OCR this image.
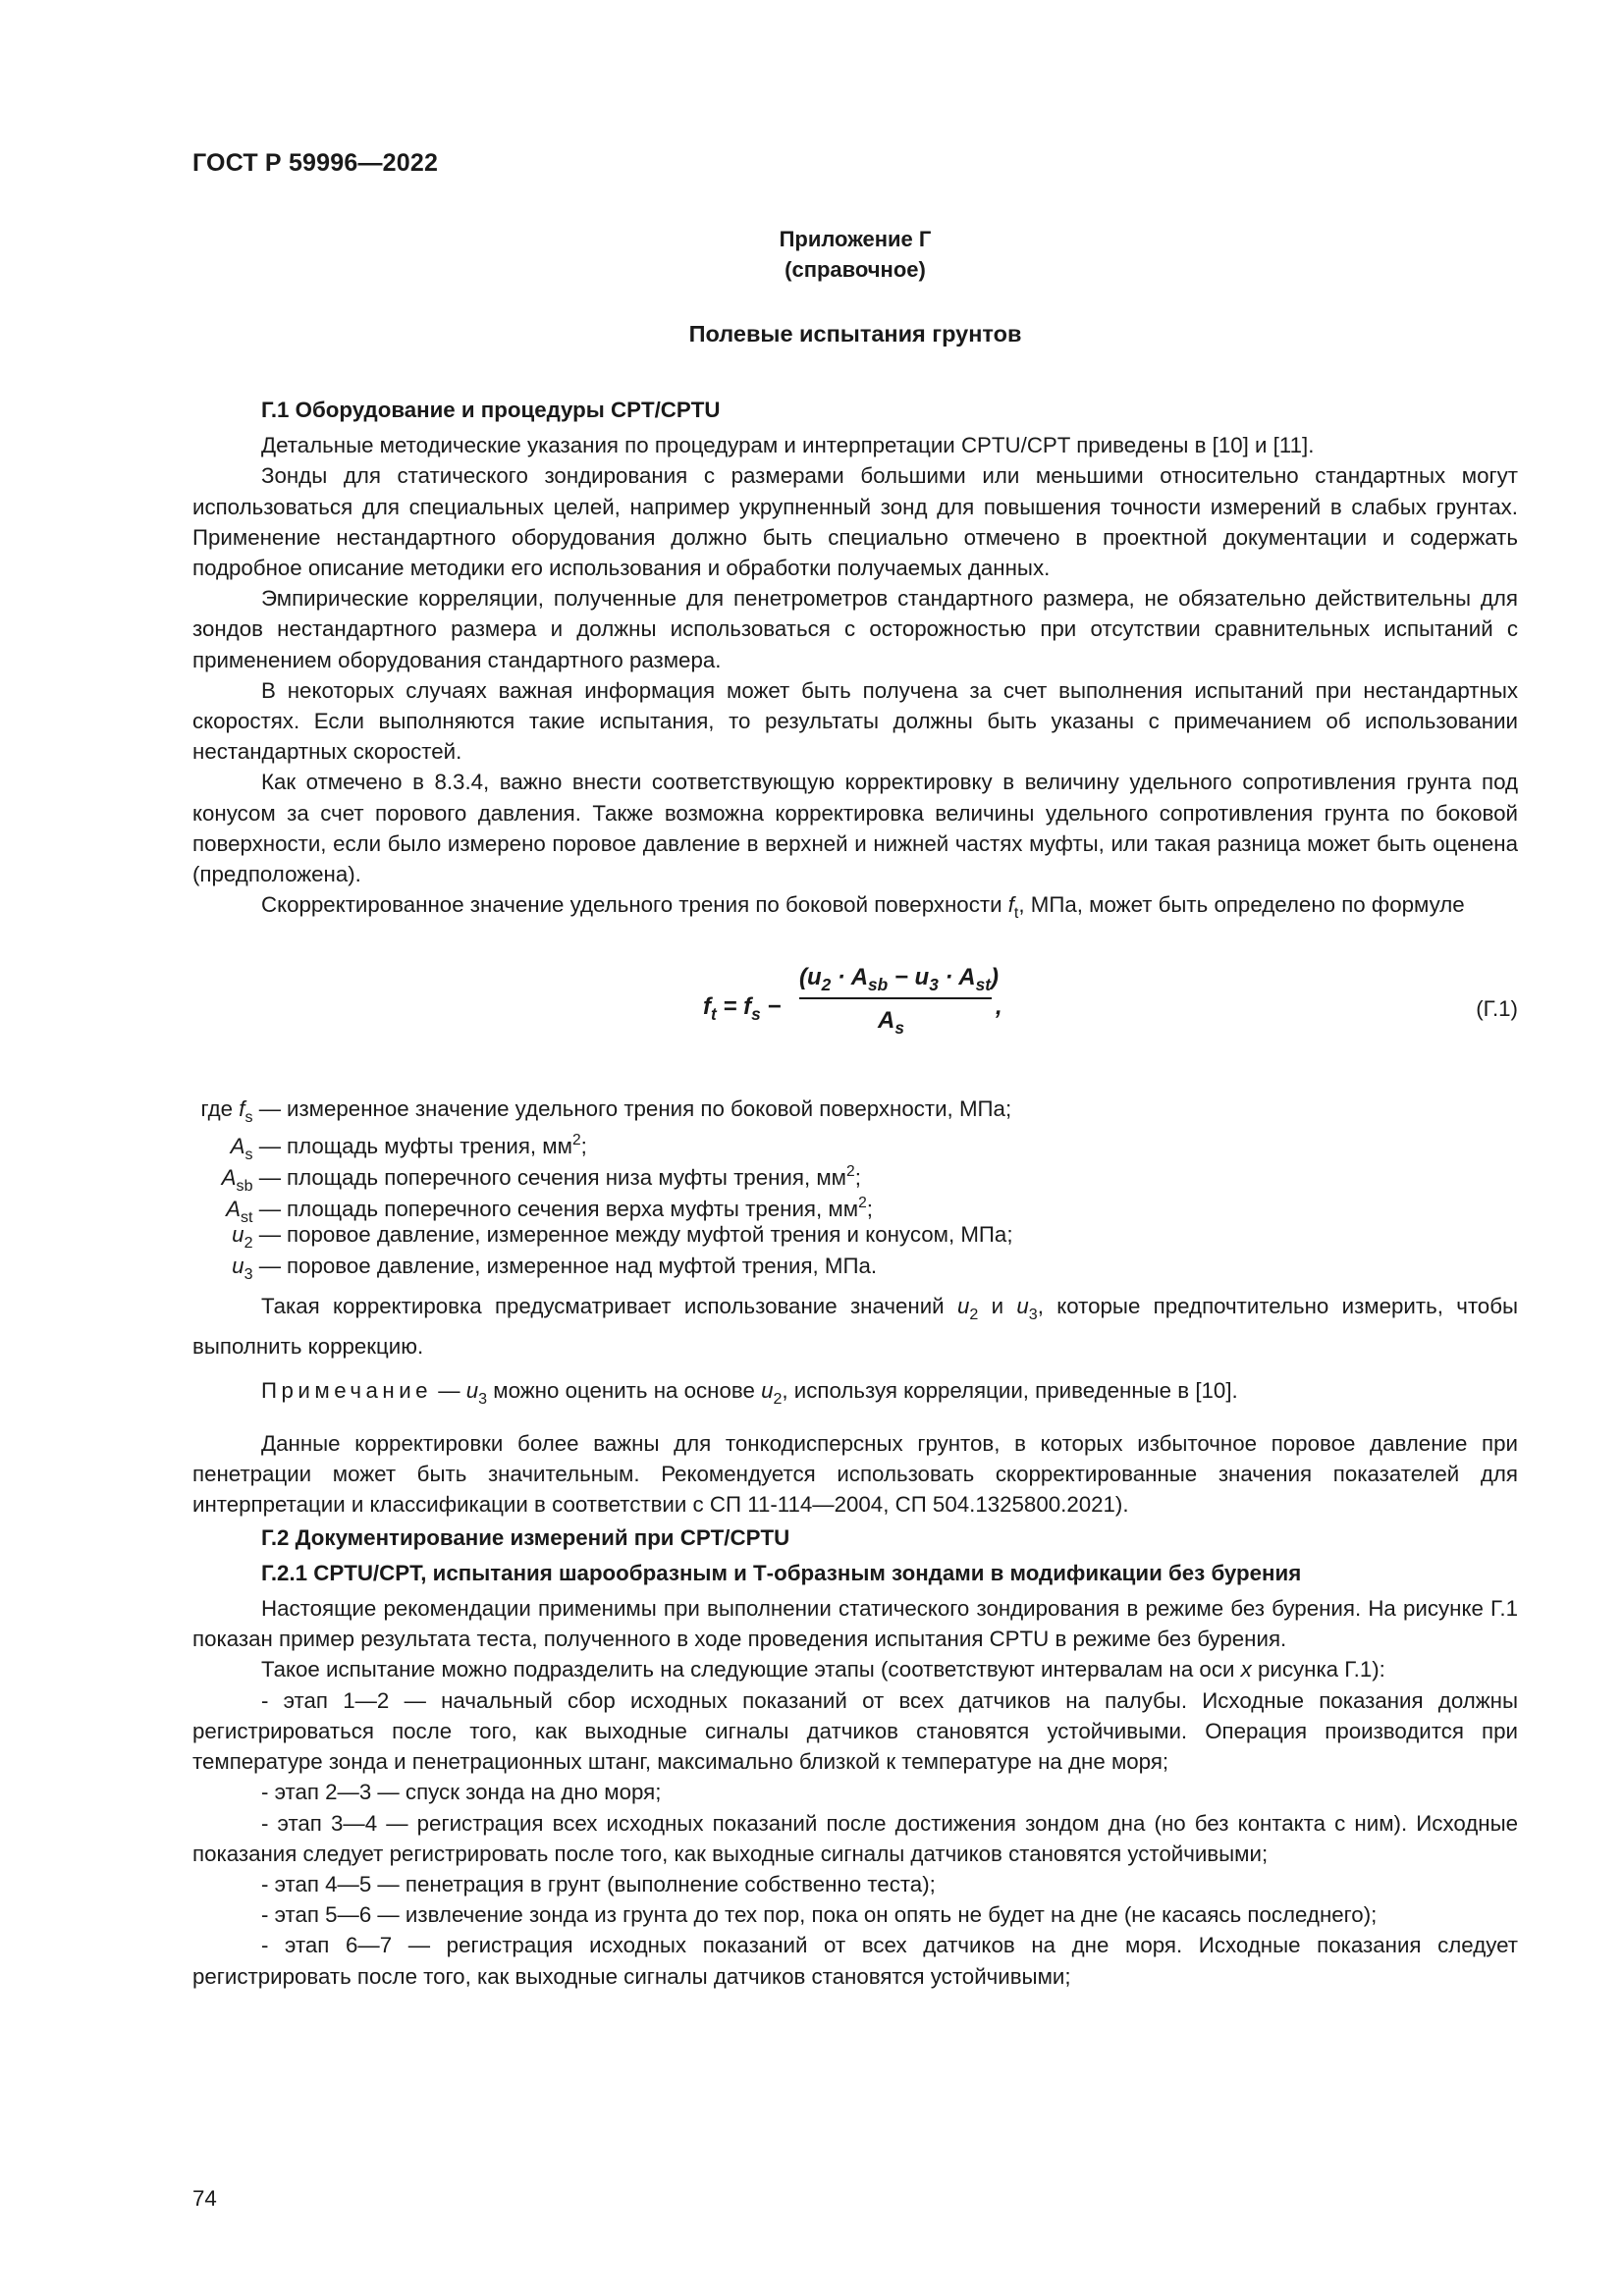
ГОСТ Р 59996—2022
Приложение Г
(справочное)
Полевые испытания грунтов

Г.1 Оборудование и процедуры CPT/CPTU

Детальные методические указания по процедурам и интерпретации CPTU/CPT приведены в [10] и [11].

Зонды для статического зондирования с размерами большими или меньшими относительно стандартных могут использоваться для специальных целей, например укрупненный зонд для повышения точности измерений в слабых грунтах. Применение нестандартного оборудования должно быть специально отмечено в проектной документации и содержать подробное описание методики его использования и обработки получаемых данных.

Эмпирические корреляции, полученные для пенетрометров стандартного размера, не обязательно действительны для зондов нестандартного размера и должны использоваться с осторожностью при отсутствии сравнительных испытаний с применением оборудования стандартного размера.

В некоторых случаях важная информация может быть получена за счет выполнения испытаний при нестандартных скоростях. Если выполняются такие испытания, то результаты должны быть указаны с примечанием об использовании нестандартных скоростей.

Как отмечено в 8.3.4, важно внести соответствующую корректировку в величину удельного сопротивления грунта под конусом за счет порового давления. Также возможна корректировка величины удельного сопротивления грунта по боковой поверхности, если было измерено поровое давление в верхней и нижней частях муфты, или такая разница может быть оценена (предположена).

Скорректированное значение удельного трения по боковой поверхности $f_t$, МПа, может быть определено по формуле

$f_t = f_s$ −
$(u_2 \cdot A_{sb} - u_3 \cdot A_{st})$
$A_s$
,	(Г.1)
где $f_s$ — измеренное значение удельного трения по боковой поверхности, МПа;
$A_s$ — площадь муфты трения, $мм^2$;
$A_{sb}$ — площадь поперечного сечения низа муфты трения, $мм^2$;
$A_{st}$ — площадь поперечного сечения верха муфты трения, $мм^2$;
$u_2$ — поровое давление, измеренное между муфтой трения и конусом, МПа;
$u_3$ — поровое давление, измеренное над муфтой трения, МПа.

Такая корректировка предусматривает использование значений $u_2$ и $u_3$, которые предпочтительно измерить, чтобы выполнить коррекцию.

Примечание — $u_3$ можно оценить на основе $u_2$, используя корреляции, приведенные в [10].

Данные корректировки более важны для тонкодисперсных грунтов, в которых избыточное поровое давление при пенетрации может быть значительным. Рекомендуется использовать скорректированные значения показателей для интерпретации и классификации в соответствии с СП 11-114—2004, СП 504.1325800.2021).

Г.2 Документирование измерений при CPT/CPTU

Г.2.1 CPTU/CPT, испытания шарообразным и Т-образным зондами в модификации без бурения

Настоящие рекомендации применимы при выполнении статического зондирования в режиме без бурения. На рисунке Г.1 показан пример результата теста, полученного в ходе проведения испытания CPTU в режиме без бурения.

Такое испытание можно подразделить на следующие этапы (соответствуют интервалам на оси x рисунка Г.1):

- этап 1—2 — начальный сбор исходных показаний от всех датчиков на палубы. Исходные показания должны регистрироваться после того, как выходные сигналы датчиков становятся устойчивыми. Операция производится при температуре зонда и пенетрационных штанг, максимально близкой к температуре на дне моря;

- этап 2—3 — спуск зонда на дно моря;

- этап 3—4 — регистрация всех исходных показаний после достижения зондом дна (но без контакта с ним). Исходные показания следует регистрировать после того, как выходные сигналы датчиков становятся устойчивыми;

- этап 4—5 — пенетрация в грунт (выполнение собственно теста);

- этап 5—6 — извлечение зонда из грунта до тех пор, пока он опять не будет на дне (не касаясь последнего);

- этап 6—7 — регистрация исходных показаний от всех датчиков на дне моря. Исходные показания следует регистрировать после того, как выходные сигналы датчиков становятся устойчивыми;

74
